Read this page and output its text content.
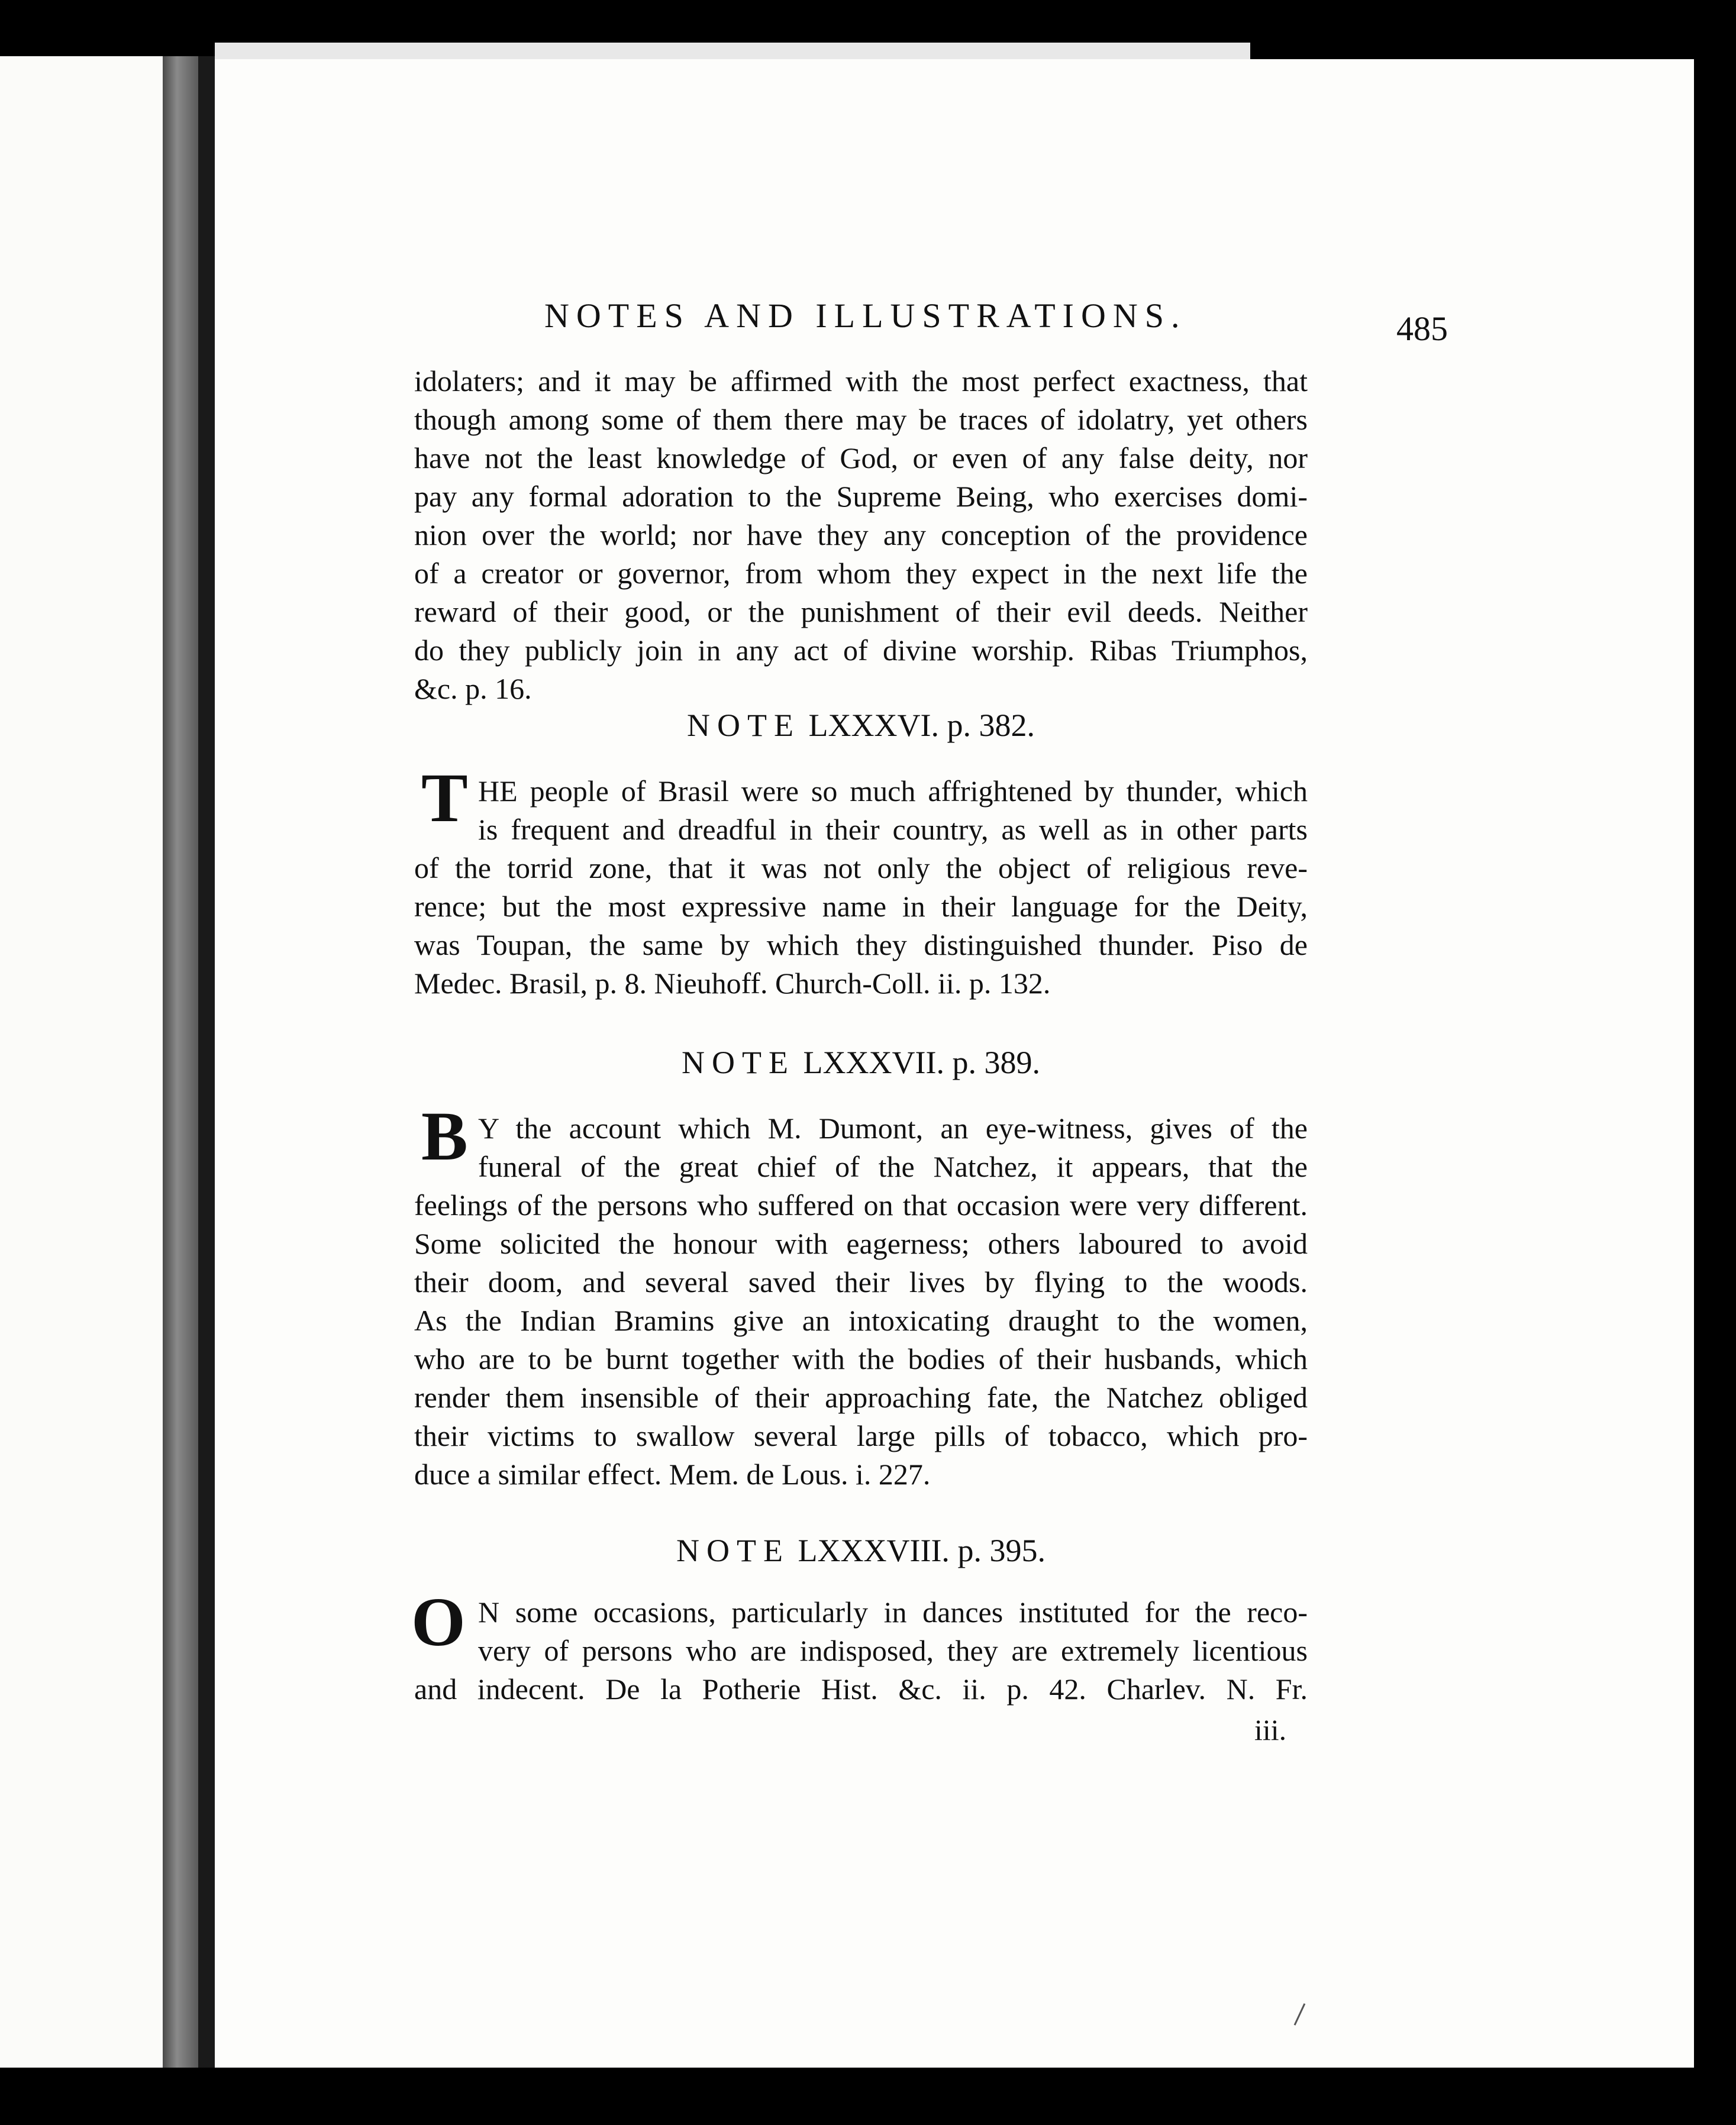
NOTES AND ILLUSTRATIONS.	485
idolaters; and it may be affirmed with the most perfect exactness, that
though among some of them there may be traces of idolatry, yet others
have not the least knowledge of God, or even of any false deity, nor
pay any formal adoration to the Supreme Being, who exercises domi-
nion over the world; nor have they any conception of the providence
of a creator or governor, from whom they expect in the next life the
reward of their good, or the punishment of their evil deeds. Neither
do they publicly join in any act of divine worship. Ribas Triumphos,
&c. p. 16.
NOTE LXXXVI. p. 382.
T HE people of Brasil were so much affrightened by thunder, which
is frequent and dreadful in their country, as well as in other parts
of the torrid zone, that it was not only the object of religious reve-
rence; but the most expressive name in their language for the Deity,
was Toupan, the same by which they distinguished thunder. Piso de
Medec. Brasil, p. 8. Nieuhoff. Church-Coll. ii. p. 132.
NOTE LXXXVII. p. 389.
B Y the account which M. Dumont, an eye-witness, gives of the
funeral of the great chief of the Natchez, it appears, that the
feelings of the persons who suffered on that occasion were very different.
Some solicited the honour with eagerness; others laboured to avoid
their doom, and several saved their lives by flying to the woods.
As the Indian Bramins give an intoxicating draught to the women,
who are to be burnt together with the bodies of their husbands, which
render them insensible of their approaching fate, the Natchez obliged
their victims to swallow several large pills of tobacco, which pro-
duce a similar effect. Mem. de Lous. i. 227.
NOTE LXXXVIII. p. 395.
O N some occasions, particularly in dances instituted for the reco-
very of persons who are indisposed, they are extremely licentious
and indecent. De la Potherie Hist. &c. ii. p. 42. Charlev. N. Fr.
iii.
